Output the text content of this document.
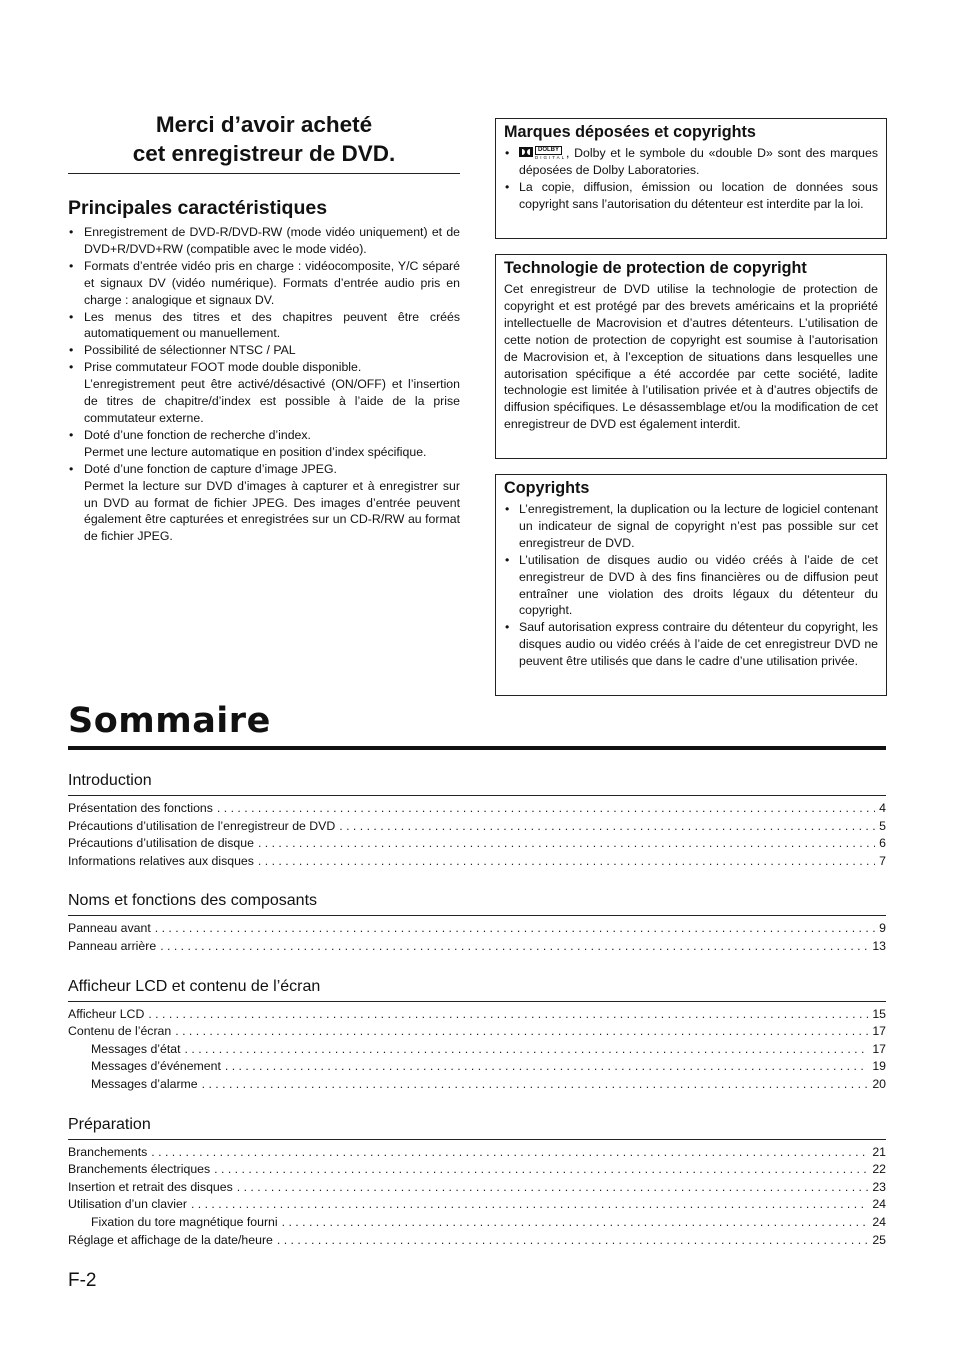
Merci d’avoir acheté
cet enregistreur de DVD.
Principales caractéristiques
• Enregistrement de DVD-R/DVD-RW (mode vidéo uniquement) et de DVD+R/DVD+RW (compatible avec le mode vidéo).
• Formats d’entrée vidéo pris en charge : vidéocomposite, Y/C séparé et signaux DV (vidéo numérique). Formats d’entrée audio pris en charge : analogique et signaux DV.
• Les menus des titres et des chapitres peuvent être créés automatiquement ou manuellement.
• Possibilité de sélectionner NTSC / PAL
• Prise commutateur FOOT mode double disponible.
L’enregistrement peut être activé/désactivé (ON/OFF) et l’insertion de titres de chapitre/d’index est possible à l’aide de la prise commutateur externe.
• Doté d’une fonction de recherche d’index.
Permet une lecture automatique en position d’index spécifique.
• Doté d’une fonction de capture d’image JPEG.
Permet la lecture sur DVD d’images à capturer et à enregistrer sur un DVD au format de fichier JPEG. Des images d’entrée peuvent également être capturées et enregistrées sur un CD-R/RW au format de fichier JPEG.
Marques déposées et copyrights
• DOLBY
DIGITAL , Dolby et le symbole du «double D» sont des marques déposées de Dolby Laboratories.
• La copie, diffusion, émission ou location de données sous copyright sans l’autorisation du détenteur est interdite par la loi.
Technologie de protection de copyright

Cet enregistreur de DVD utilise la technologie de protection de copyright et est protégé par des brevets américains et la propriété intellectuelle de Macrovision et d’autres détenteurs. L’utilisation de cette notion de protection de copyright est soumise à l’autorisation de Macrovision et, à l’exception de situations dans lesquelles une autorisation spécifique a été accordée par cette société, ladite technologie est limitée à l’utilisation privée et à d’autres objectifs de diffusion spécifiques. Le désassemblage et/ou la modification de cet enregistreur de DVD est également interdit.

Copyrights
• L’enregistrement, la duplication ou la lecture de logiciel contenant un indicateur de signal de copyright n’est pas possible sur cet enregistreur de DVD.
• L’utilisation de disques audio ou vidéo créés à l’aide de cet enregistreur de DVD à des fins financières ou de diffusion peut entraîner une violation des droits légaux du détenteur du copyright.
• Sauf autorisation express contraire du détenteur du copyright, les disques audio ou vidéo créés à l’aide de cet enregistreur DVD ne peuvent être utilisés que dans le cadre d’une utilisation privée.
Sommaire
Introduction
Présentation des fonctions . . .	4
Précautions d’utilisation de l’enregistreur de DVD . . .	5
Précautions d’utilisation de disque . . .	6
Informations relatives aux disques . . .	7
Noms et fonctions des composants
Panneau avant . . .	9
Panneau arrière . . .	13
Afficheur LCD et contenu de l’écran
Afficheur LCD . . .	15
Contenu de l’écran . . .	17
Messages d’état . . .	17
Messages d’événement . . .	19
Messages d’alarme . . .	20
Préparation
Branchements . . .	21
Branchements électriques . . .	22
Insertion et retrait des disques . . .	23
Utilisation d’un clavier . . .	24
Fixation du tore magnétique fourni . . .	24
Réglage et affichage de la date/heure . . .	25
F-2
